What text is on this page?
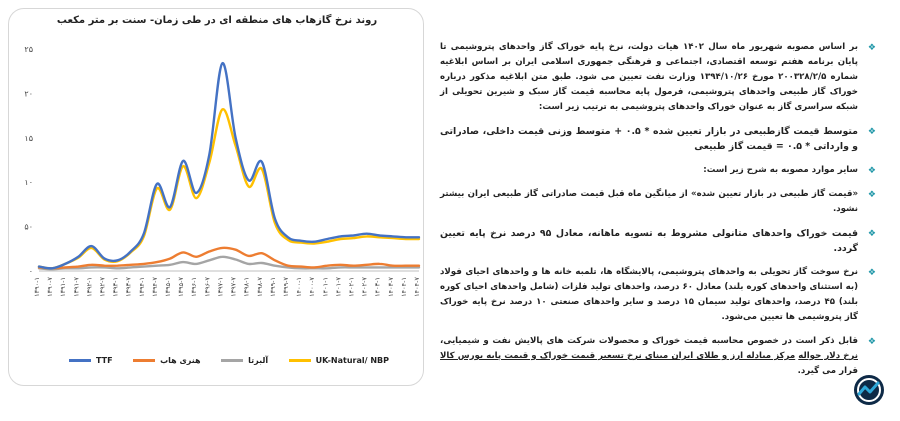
روند نرخ گازهاب های منطقه ای در طی زمان- سنت بر متر مکعب
۰
۵۰
۱۰
۱۵
۲۰
۲۵
۱۳۹۰-۱ ۱۳۹۰-۷ ۱۳۹۱-۱ ۱۳۹۱-۷ ۱۳۹۲-۱ ۱۳۹۲-۷ ۱۳۹۳-۱ ۱۳۹۳-۷ ۱۳۹۴-۱ ۱۳۹۴-۷ ۱۳۹۵-۱ ۱۳۹۵-۷ ۱۳۹۶-۱ ۱۳۹۶-۷ ۱۳۹۷-۱ ۱۳۹۷-۷ ۱۳۹۸-۱ ۱۳۹۸-۷ ۱۳۹۹-۱ ۱۳۹۹-۷ ۱۴۰۰-۱ ۱۴۰۰-۷ ۱۴۰۱-۱ ۱۴۰۱-۷ ۱۴۰۲-۱ ۱۴۰۲-۷ ۱۴۰۳-۱ ۱۴۰۳-۷ ۱۴۰۴-۱ ۱۴۰۴-۷
TTF	هنری هاب	آلبرتا	UK-Natural/ NBP
❖
بر اساس مصوبه شهریور ماه سال ۱۴۰۲ هیات دولت، نرخ پایه خوراک گاز واحدهای پتروشیمی تا پایان برنامه هفتم توسعه اقتصادی، اجتماعی و فرهنگی جمهوری اسلامی ایران بر اساس ابلاغیه شماره ۲۰۰۳۲۸/۲/۵ مورخ ۱۳۹۴/۱۰/۲۶ وزارت نفت تعیین می شود. طبق متن ابلاغیه مذکور درباره خوراک گاز طبیعی واحدهای پتروشیمی، فرمول پایه محاسبه قیمت گاز سبک و شیرین تحویلی از شبکه سراسری گاز به عنوان خوراک واحدهای پتروشیمی به ترتیب زیر است:
❖
متوسط قیمت گازطبیعی در بازار تعیین شده * ۰.۵ + متوسط وزنی قیمت داخلی، صادراتی و وارداتی * ۰.۵ = قیمت گاز طبیعی
❖
سایر موارد مصوبه به شرح زیر است:
❖
«قیمت گاز طبیعی در بازار تعیین شده» از میانگین ماه قبل قیمت صادراتی گاز طبیعی ایران بیشتر نشود.
❖
قیمت خوراک واحدهای متانولی مشروط به تسویه ماهانه، معادل ۹۵ درصد نرخ پایه تعیین گردد.
❖
نرخ سوخت گاز تحویلی به واحدهای پتروشیمی، پالایشگاه ها، تلمبه خانه ها و واحدهای احیای فولاد (به استثنای واحدهای کوره بلند) معادل ۶۰ درصد، واحدهای تولید فلزات (شامل واحدهای احیای کوره بلند) ۴۵ درصد، واحدهای تولید سیمان ۱۵ درصد و سایر واحدهای صنعتی ۱۰ درصد نرخ پایه خوراک گاز پتروشیمی ها تعیین می‌شود.
❖
قابل ذکر است در خصوص محاسبه قیمت خوراک و محصولات شرکت های پالایش نفت و شیمیایی، نرخ دلار حواله مرکز مبادله ارز و طلای ایران مبنای نرخ تسعیر قیمت خوراک و قیمت پایه بورس کالا قرار می گیرد.
